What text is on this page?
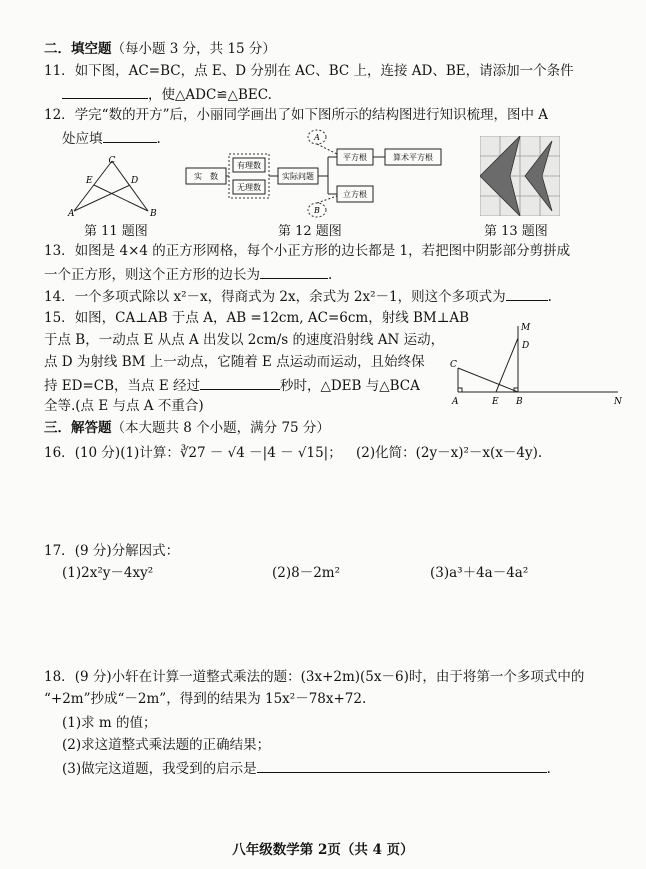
二．填空题（每小题 3 分，共 15 分）
11．如下图，AC=BC，点 E、D 分别在 AC、BC 上，连接 AD、BE，请添加一个条件
，使△ADC≌△BEC.
12．学完“数的开方”后，小丽同学画出了如下图所示的结构图进行知识梳理，图中 A
处应填	.
C
E	D
A	B
A
实　数
有理数
无理数
实际问题
平方根	算术平方根
立方根
B
第 11 题图	第 12 题图	第 13 题图
13．如图是 4×4 的正方形网格，每个小正方形的边长都是 1，若把图中阴影部分剪拼成
一个正方形，则这个正方形的边长为	.
14．一个多项式除以 x²－x，得商式为 2x，余式为 2x²－1，则这个多项式为	.
15．如图，CA⊥AB 于点 A，AB =12cm, AC=6cm，射线 BM⊥AB
于点 B，一动点 E 从点 A 出发以 2cm/s 的速度沿射线 AN 运动，
点 D 为射线 BM 上一动点，它随着 E 点运动而运动，且始终保
持 ED=CB，当点 E 经过	秒时，△DEB 与△BCA
全等.(点 E 与点 A 不重合)
M
D
C
A	E B	N
三．解答题（本大题共 8 个小题，满分 75 分）
16．(10 分)(1)计算：∛27 － √4 －|4 － √15|； (2)化简：(2y－x)²－x(x－4y).
17．(9 分)分解因式：
(1)2x²y－4xy²	(2)8－2m²	(3)a³＋4a－4a²
18．(9 分)小轩在计算一道整式乘法的题：(3x+2m)(5x－6)时，由于将第一个多项式中的
“+2m”抄成“－2m”，得到的结果为 15x²－78x+72.
(1)求 m 的值；
(2)求这道整式乘法题的正确结果；
(3)做完这道题，我受到的启示是	.
八年级数学第 2页（共 4 页）
